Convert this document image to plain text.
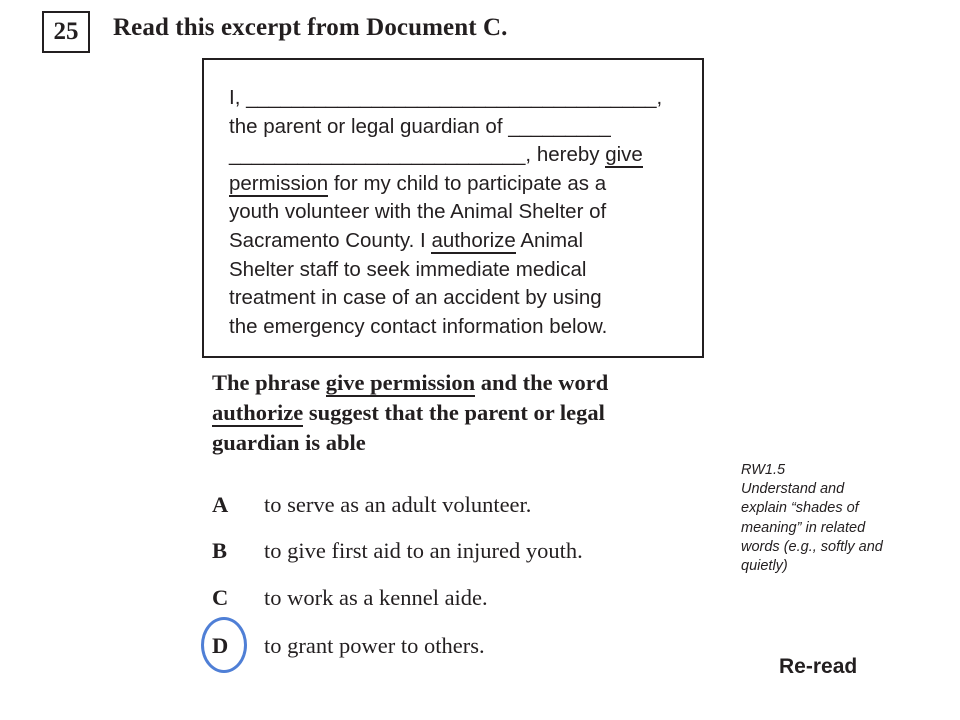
25	Read this excerpt from Document C.

I, ____________________________________,
the parent or legal guardian of _________
__________________________, hereby give
permission for my child to participate as a
youth volunteer with the Animal Shelter of
Sacramento County. I authorize Animal
Shelter staff to seek immediate medical
treatment in case of an accident by using
the emergency contact information below.

The phrase give permission and the word
authorize suggest that the parent or legal
guardian is able

A to serve as an adult volunteer.
B to give first aid to an injured youth.
C to work as a kennel aide.
D to grant power to others.
RW1.5
Understand and
explain “shades of
meaning” in related
words (e.g., softly and
quietly)
Re-read
